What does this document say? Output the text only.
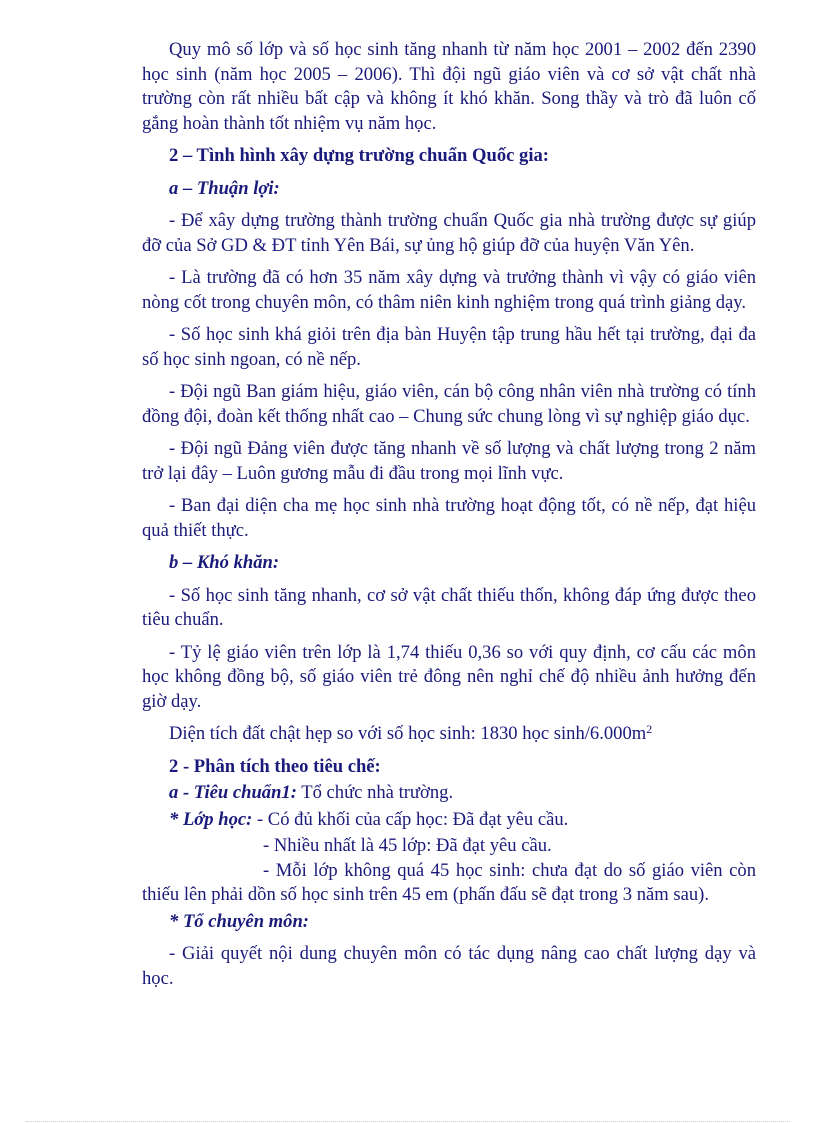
Quy mô số lớp và số học sinh tăng nhanh từ năm học 2001 – 2002 đến 2390 học sinh (năm học 2005 – 2006). Thì đội ngũ giáo viên và cơ sở vật chất nhà trường còn rất nhiều bất cập và không ít khó khăn. Song thầy và trò đã luôn cố gắng hoàn thành tốt nhiệm vụ năm học.

2 – Tình hình xây dựng trường chuẩn Quốc gia:

a – Thuận lợi:

- Để xây dựng trường thành trường chuẩn Quốc gia nhà trường được sự giúp đỡ của Sở GD & ĐT tỉnh Yên Bái, sự ủng hộ giúp đỡ của huyện Văn Yên.

- Là trường đã có hơn 35 năm xây dựng và trưởng thành vì vậy có giáo viên nòng cốt trong chuyên môn, có thâm niên kinh nghiệm trong quá trình giảng dạy.

- Số học sinh khá giỏi trên địa bàn Huyện tập trung hầu hết tại trường, đại đa số học sinh ngoan, có nề nếp.

- Đội ngũ Ban giám hiệu, giáo viên, cán bộ công nhân viên nhà trường có tính đồng đội, đoàn kết thống nhất cao – Chung sức chung lòng vì sự nghiệp giáo dục.

- Đội ngũ Đảng viên được tăng nhanh về số lượng và chất lượng trong 2 năm trở lại đây – Luôn gương mẫu đi đầu trong mọi lĩnh vực.

- Ban đại diện cha mẹ học sinh nhà trường hoạt động tốt, có nề nếp, đạt hiệu quả thiết thực.

b – Khó khăn:

- Số học sinh tăng nhanh, cơ sở vật chất thiếu thốn, không đáp ứng được theo tiêu chuẩn.

- Tỷ lệ giáo viên trên lớp là 1,74 thiếu 0,36 so với quy định, cơ cấu các môn học không đồng bộ, số giáo viên trẻ đông nên nghỉ chế độ nhiều ảnh hưởng đến giờ dạy.

Diện tích đất chật hẹp so với số học sinh: 1830 học $\sinh/6.000m^2$

2 - Phân tích theo tiêu chế:

a - Tiêu chuẩn1: Tổ chức nhà trường.

* Lớp học: - Có đủ khối của cấp học: Đã đạt yêu cầu.

- Nhiều nhất là 45 lớp: Đã đạt yêu cầu.

- Mỗi lớp không quá 45 học sinh: chưa đạt do số giáo viên còn thiếu lên phải dồn số học sinh trên 45 em (phấn đấu sẽ đạt trong 3 năm sau).

* Tổ chuyên môn:

- Giải quyết nội dung chuyên môn có tác dụng nâng cao chất lượng dạy và học.
